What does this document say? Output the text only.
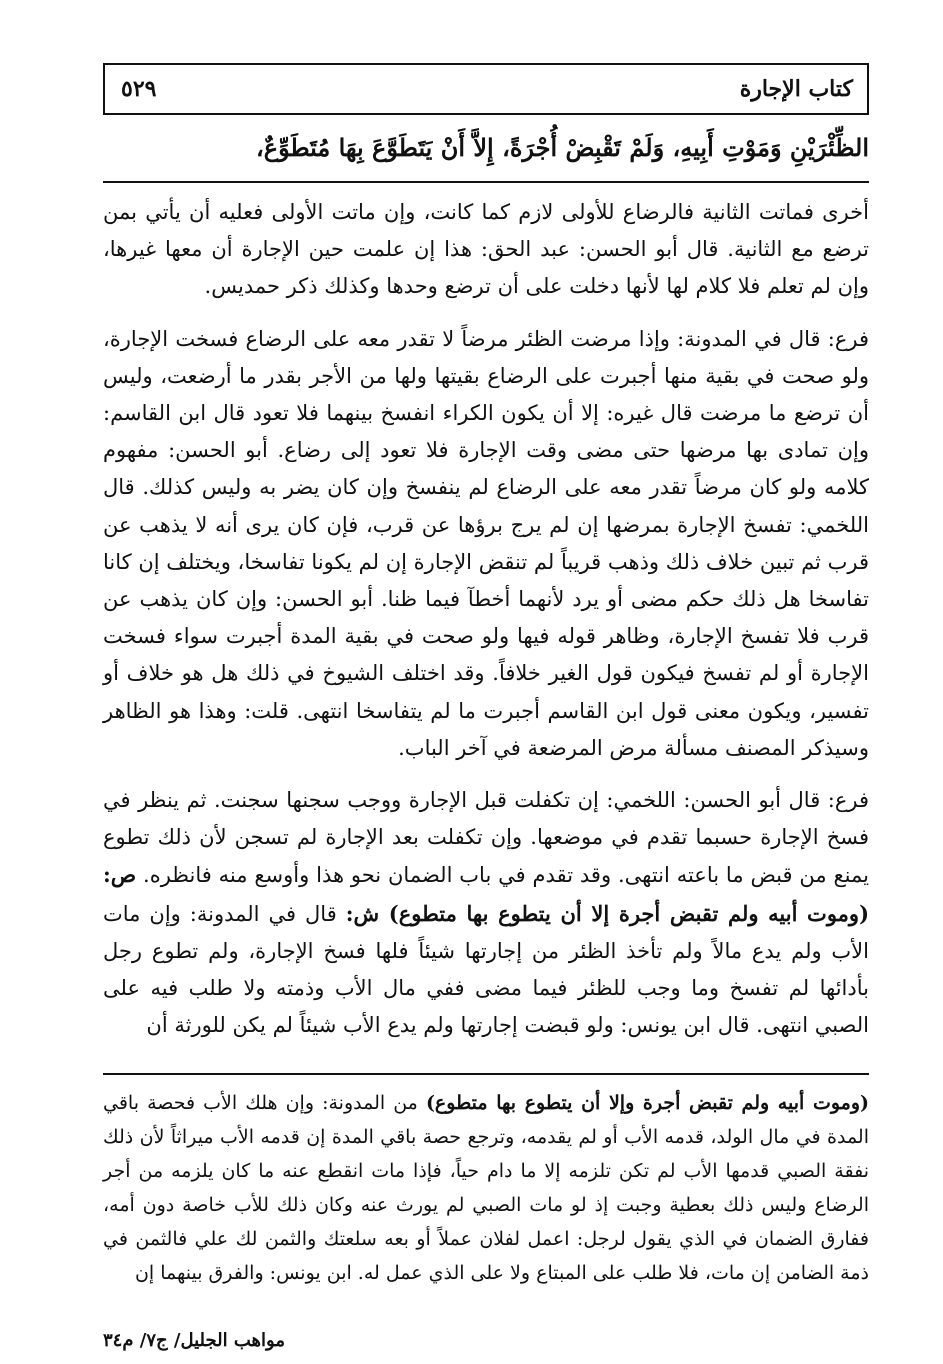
كتاب الإجارة
٥٢٩
الظِّئْرَيْنِ وَمَوْتِ أَبِيهِ، وَلَمْ تَقْبِضْ أُجْرَةً، إِلاَّ أَنْ يَتَطَوَّعَ بِهَا مُتَطَوِّعٌ،

أخرى فماتت الثانية فالرضاع للأولى لازم كما كانت، وإن ماتت الأولى فعليه أن يأتي بمن ترضع مع الثانية. قال أبو الحسن: عبد الحق: هذا إن علمت حين الإجارة أن معها غيرها، وإن لم تعلم فلا كلام لها لأنها دخلت على أن ترضع وحدها وكذلك ذكر حمديس.

فرع: قال في المدونة: وإذا مرضت الظئر مرضاً لا تقدر معه على الرضاع فسخت الإجارة، ولو صحت في بقية منها أجبرت على الرضاع بقيتها ولها من الأجر بقدر ما أرضعت، وليس أن ترضع ما مرضت قال غيره: إلا أن يكون الكراء انفسخ بينهما فلا تعود قال ابن القاسم: وإن تمادى بها مرضها حتى مضى وقت الإجارة فلا تعود إلى رضاع. أبو الحسن: مفهوم كلامه ولو كان مرضاً تقدر معه على الرضاع لم ينفسخ وإن كان يضر به وليس كذلك. قال اللخمي: تفسخ الإجارة بمرضها إن لم يرج برؤها عن قرب، فإن كان يرى أنه لا يذهب عن قرب ثم تبين خلاف ذلك وذهب قريباً لم تنقض الإجارة إن لم يكونا تفاسخا، ويختلف إن كانا تفاسخا هل ذلك حكم مضى أو يرد لأنهما أخطآ فيما ظنا. أبو الحسن: وإن كان يذهب عن قرب فلا تفسخ الإجارة، وظاهر قوله فيها ولو صحت في بقية المدة أجبرت سواء فسخت الإجارة أو لم تفسخ فيكون قول الغير خلافاً. وقد اختلف الشيوخ في ذلك هل هو خلاف أو تفسير، ويكون معنى قول ابن القاسم أجبرت ما لم يتفاسخا انتهى. قلت: وهذا هو الظاهر وسيذكر المصنف مسألة مرض المرضعة في آخر الباب.

فرع: قال أبو الحسن: اللخمي: إن تكفلت قبل الإجارة ووجب سجنها سجنت. ثم ينظر في فسخ الإجارة حسبما تقدم في موضعها. وإن تكفلت بعد الإجارة لم تسجن لأن ذلك تطوع يمنع من قبض ما باعته انتهى. وقد تقدم في باب الضمان نحو هذا وأوسع منه فانظره. ص: (وموت أبيه ولم تقبض أجرة إلا أن يتطوع بها متطوع) ش: قال في المدونة: وإن مات الأب ولم يدع مالاً ولم تأخذ الظئر من إجارتها شيئاً فلها فسخ الإجارة، ولم تطوع رجل بأدائها لم تفسخ وما وجب للظئر فيما مضى ففي مال الأب وذمته ولا طلب فيه على الصبي انتهى. قال ابن يونس: ولو قبضت إجارتها ولم يدع الأب شيئاً لم يكن للورثة أن

(وموت أبيه ولم تقبض أجرة وإلا أن يتطوع بها متطوع) من المدونة: وإن هلك الأب فحصة باقي المدة في مال الولد، قدمه الأب أو لم يقدمه، وترجع حصة باقي المدة إن قدمه الأب ميراثاً لأن ذلك نفقة الصبي قدمها الأب لم تكن تلزمه إلا ما دام حياً، فإذا مات انقطع عنه ما كان يلزمه من أجر الرضاع وليس ذلك بعطية وجبت إذ لو مات الصبي لم يورث عنه وكان ذلك للأب خاصة دون أمه، ففارق الضمان في الذي يقول لرجل: اعمل لفلان عملاً أو بعه سلعتك والثمن لك علي فالثمن في ذمة الضامن إن مات، فلا طلب على المبتاع ولا على الذي عمل له. ابن يونس: والفرق بينهما إن

مواهب الجليل/ ج٧/ م٣٤
